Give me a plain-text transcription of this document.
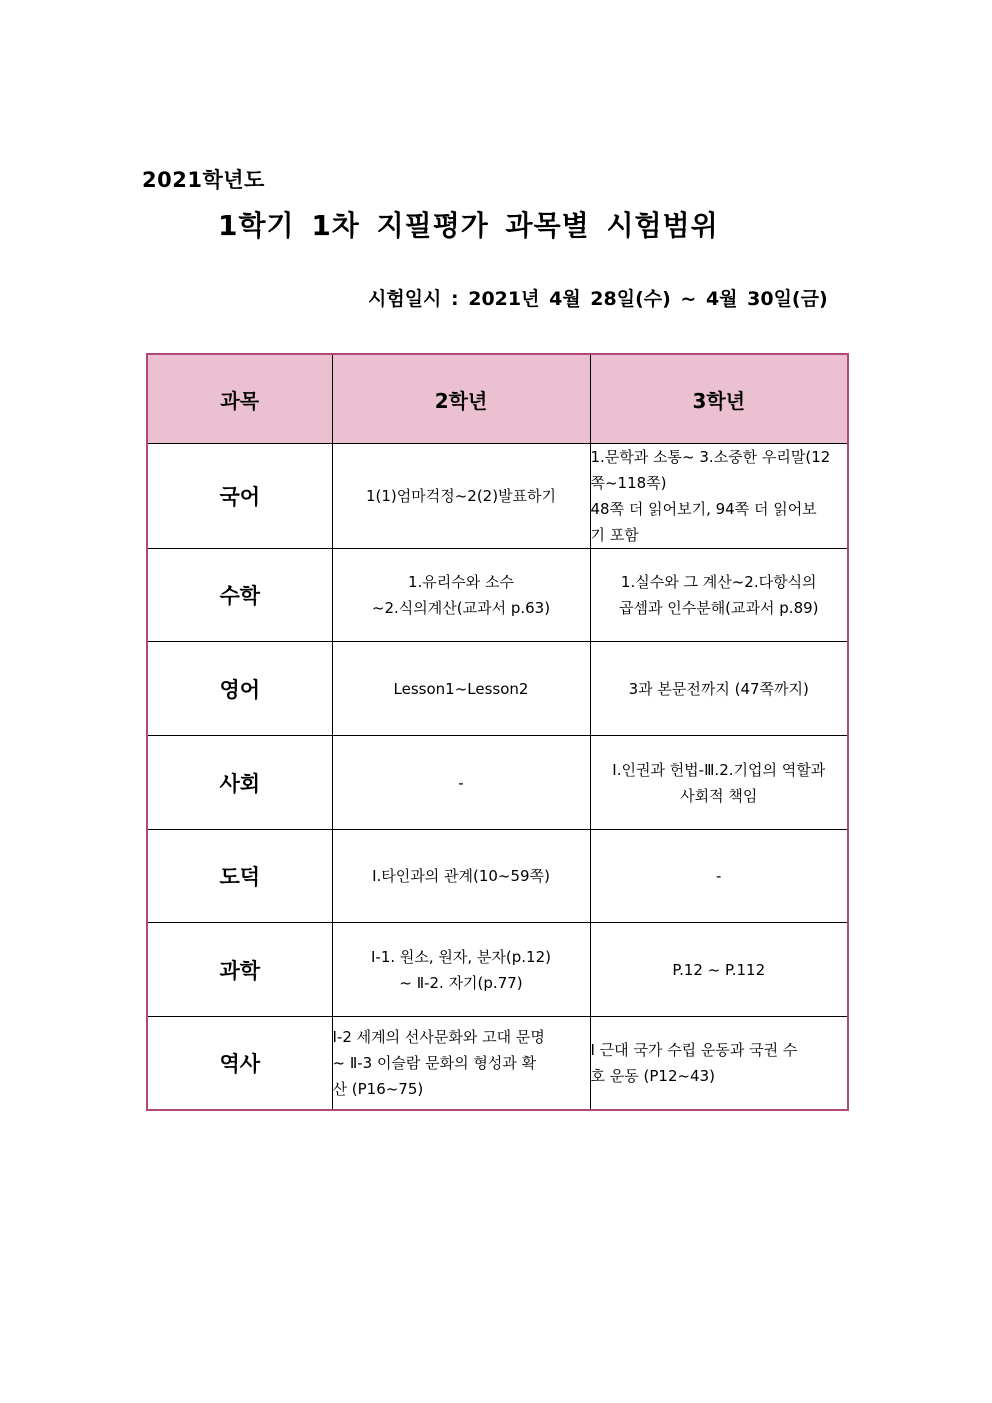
2021학년도
1학기 1차 지필평가 과목별 시험범위
시험일시 : 2021년 4월 28일(수) ~ 4월 30일(금)
과목	2학년	3학년
국어	1(1)엄마걱정~2(2)발표하기	1.문학과 소통~ 3.소중한 우리말(12
쪽~118쪽)
48쪽 더 읽어보기, 94쪽 더 읽어보
기 포함

수학	1.유리수와 소수
~2.식의계산(교과서 p.63)	1.실수와 그 계산~2.다항식의
곱셈과 인수분해(교과서 p.89)

영어	Lesson1~Lesson2	3과 본문전까지 (47쪽까지)

사회	-	Ⅰ.인권과 헌법-Ⅲ.2.기업의 역할과
사회적 책임

도덕	Ⅰ.타인과의 관계(10~59쪽)	-

과학	Ⅰ-1. 원소, 원자, 분자(p.12)
~ Ⅱ-2. 자기(p.77)	P.12 ~ P.112

역사	Ⅰ-2 세계의 선사문화와 고대 문명
~ Ⅱ-3 이슬람 문화의 형성과 확
산 (P16~75)	Ⅰ 근대 국가 수립 운동과 국권 수
호 운동 (P12~43)
